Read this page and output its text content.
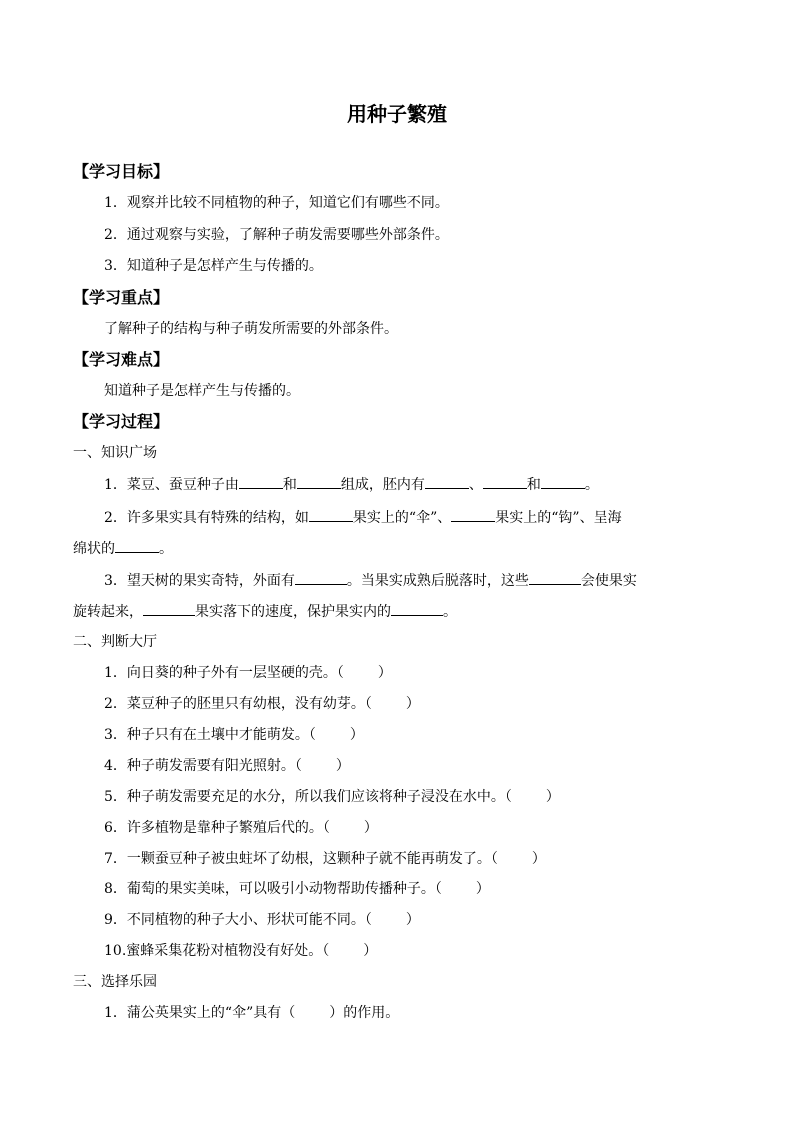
用种子繁殖
【学习目标】
1．观察并比较不同植物的种子，知道它们有哪些不同。
2．通过观察与实验，了解种子萌发需要哪些外部条件。
3．知道种子是怎样产生与传播的。
【学习重点】
了解种子的结构与种子萌发所需要的外部条件。
【学习难点】
知道种子是怎样产生与传播的。
【学习过程】
一、知识广场
1．菜豆、蚕豆种子由	和	组成，胚内有	、	和	。
2．许多果实具有特殊的结构，如	果实上的“伞”、	果实上的“钩”、呈海
绵状的	。
3．望天树的果实奇特，外面有	。当果实成熟后脱落时，这些	会使果实
旋转起来，	果实落下的速度，保护果实内的	。
二、判断大厅
1．向日葵的种子外有一层坚硬的壳。（ ）
2．菜豆种子的胚里只有幼根，没有幼芽。（ ）
3．种子只有在土壤中才能萌发。（ ）
4．种子萌发需要有阳光照射。（ ）
5．种子萌发需要充足的水分，所以我们应该将种子浸没在水中。（ ）
6．许多植物是靠种子繁殖后代的。（ ）
7．一颗蚕豆种子被虫蛀坏了幼根，这颗种子就不能再萌发了。（ ）
8．葡萄的果实美味，可以吸引小动物帮助传播种子。（ ）
9．不同植物的种子大小、形状可能不同。（ ）
10.蜜蜂采集花粉对植物没有好处。（ ）
三、选择乐园
1．蒲公英果实上的“伞”具有（ ）的作用。
